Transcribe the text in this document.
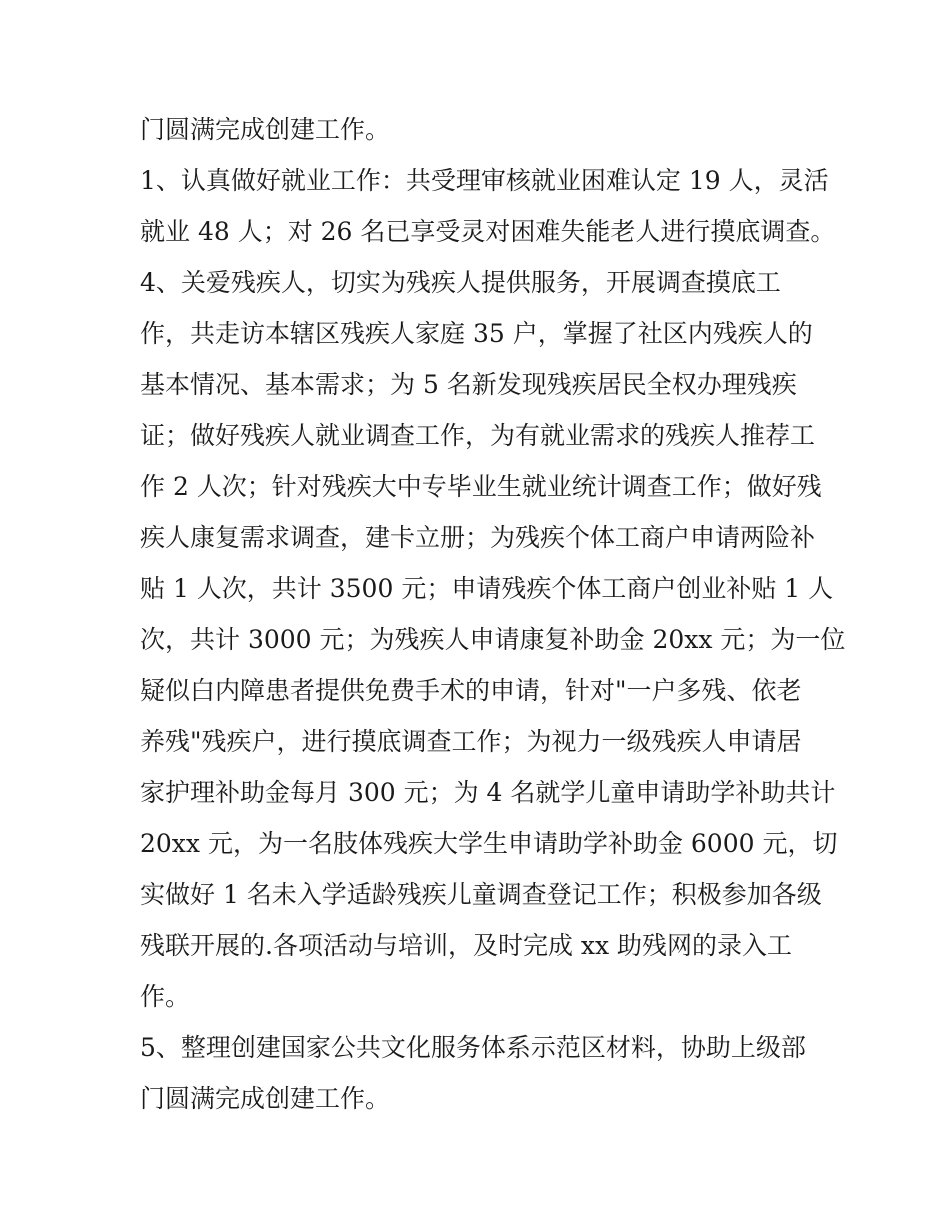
门圆满完成创建工作。
1、认真做好就业工作：共受理审核就业困难认定 19 人，灵活
就业 48 人；对 26 名已享受灵对困难失能老人进行摸底调查。
4、关爱残疾人，切实为残疾人提供服务，开展调查摸底工
作，共走访本辖区残疾人家庭 35 户，掌握了社区内残疾人的
基本情况、基本需求；为 5 名新发现残疾居民全权办理残疾
证；做好残疾人就业调查工作，为有就业需求的残疾人推荐工
作 2 人次；针对残疾大中专毕业生就业统计调查工作；做好残
疾人康复需求调查，建卡立册；为残疾个体工商户申请两险补
贴 1 人次，共计 3500 元；申请残疾个体工商户创业补贴 1 人
次，共计 3000 元；为残疾人申请康复补助金 20xx 元；为一位
疑似白内障患者提供免费手术的申请，针对"一户多残、依老
养残"残疾户，进行摸底调查工作；为视力一级残疾人申请居
家护理补助金每月 300 元；为 4 名就学儿童申请助学补助共计
20xx 元，为一名肢体残疾大学生申请助学补助金 6000 元，切
实做好 1 名未入学适龄残疾儿童调查登记工作；积极参加各级
残联开展的.各项活动与培训，及时完成 xx 助残网的录入工
作。
5、整理创建国家公共文化服务体系示范区材料，协助上级部
门圆满完成创建工作。
